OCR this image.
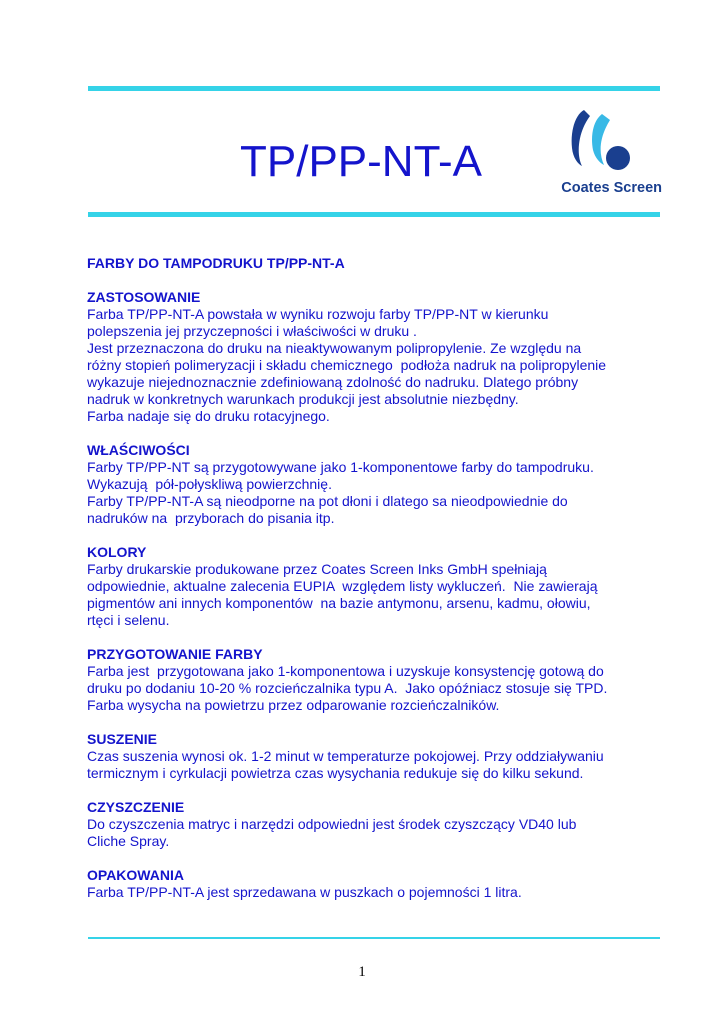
TP/PP-NT-A
Coates Screen
FARBY DO TAMPODRUKU TP/PP-NT-A
ZASTOSOWANIE
Farba TP/PP-NT-A powstała w wyniku rozwoju farby TP/PP-NT w kierunku
polepszenia jej przyczepności i właściwości w druku .
Jest przeznaczona do druku na nieaktywowanym polipropylenie. Ze względu na
różny stopień polimeryzacji i składu chemicznego  podłoża nadruk na polipropylenie
wykazuje niejednoznacznie zdefiniowaną zdolność do nadruku. Dlatego próbny
nadruk w konkretnych warunkach produkcji jest absolutnie niezbędny.
Farba nadaje się do druku rotacyjnego.
WŁAŚCIWOŚCI
Farby TP/PP-NT są przygotowywane jako 1-komponentowe farby do tampodruku.
Wykazują  pół-połyskliwą powierzchnię.
Farby TP/PP-NT-A są nieodporne na pot dłoni i dlatego sa nieodpowiednie do
nadruków na  przyborach do pisania itp.
KOLORY
Farby drukarskie produkowane przez Coates Screen Inks GmbH spełniają
odpowiednie, aktualne zalecenia EUPIA  względem listy wykluczeń.  Nie zawierają
pigmentów ani innych komponentów  na bazie antymonu, arsenu, kadmu, ołowiu,
rtęci i selenu.
PRZYGOTOWANIE FARBY
Farba jest  przygotowana jako 1-komponentowa i uzyskuje konsystencję gotową do
druku po dodaniu 10-20 % rozcieńczalnika typu A.  Jako opóźniacz stosuje się TPD.
Farba wysycha na powietrzu przez odparowanie rozcieńczalników.
SUSZENIE
Czas suszenia wynosi ok. 1-2 minut w temperaturze pokojowej. Przy oddziaływaniu
termicznym i cyrkulacji powietrza czas wysychania redukuje się do kilku sekund.
CZYSZCZENIE
Do czyszczenia matryc i narzędzi odpowiedni jest środek czyszczący VD40 lub
Cliche Spray.
OPAKOWANIA
Farba TP/PP-NT-A jest sprzedawana w puszkach o pojemności 1 litra.
1
